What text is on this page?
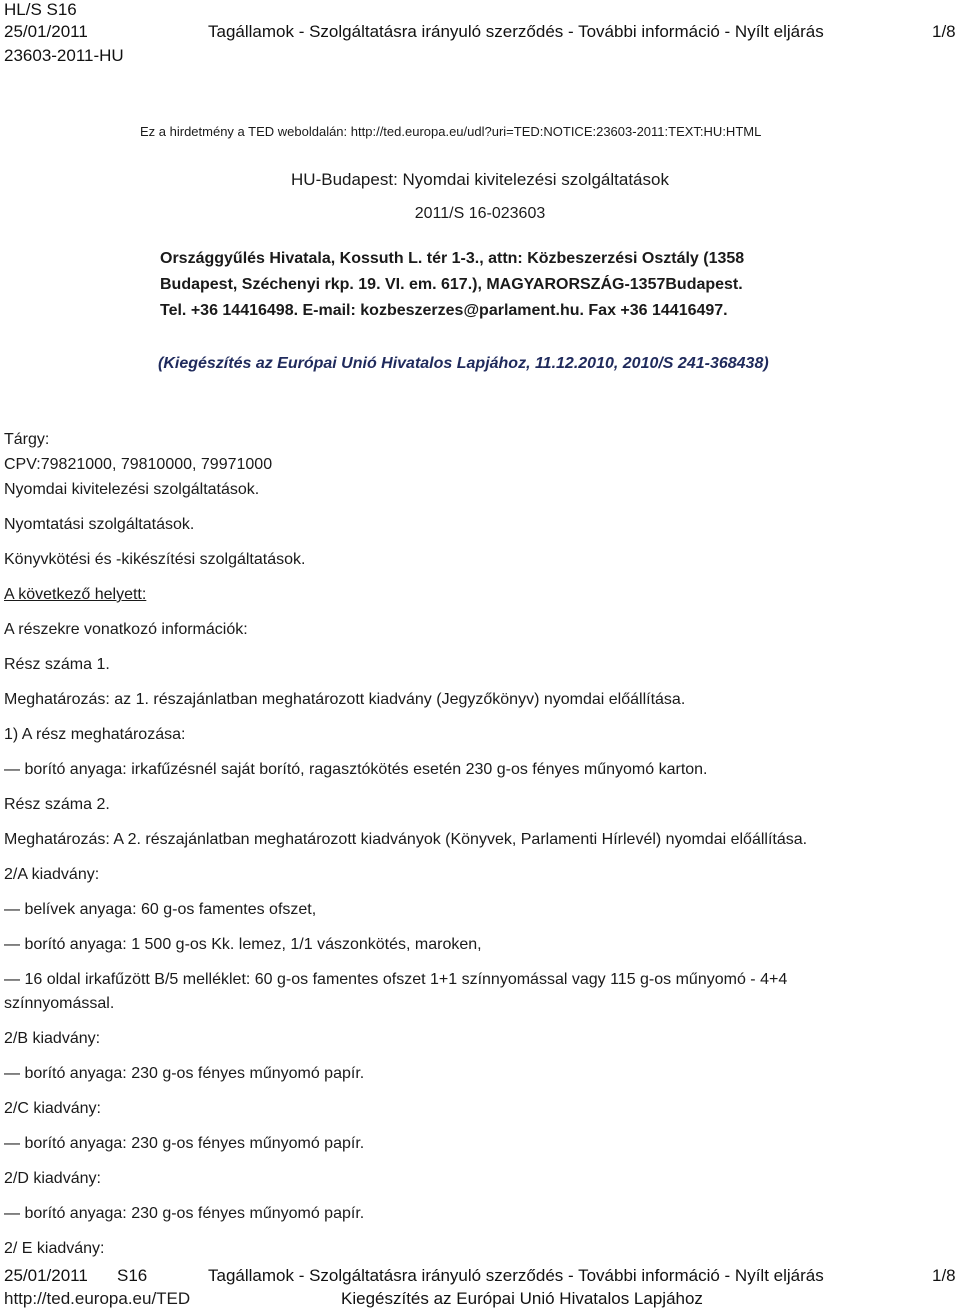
HL/S S16
25/01/2011
23603-2011-HU
Tagállamok - Szolgáltatásra irányuló szerződés - További információ - Nyílt eljárás	1/8
Ez a hirdetmény a TED weboldalán: http://ted.europa.eu/udl?uri=TED:NOTICE:23603-2011:TEXT:HU:HTML
HU-Budapest: Nyomdai kivitelezési szolgáltatások
2011/S 16-023603
Országgyűlés Hivatala, Kossuth L. tér 1-3., attn: Közbeszerzési Osztály (1358
Budapest, Széchenyi rkp. 19. VI. em. 617.), MAGYARORSZÁG-1357Budapest.
Tel. +36 14416498. E-mail: kozbeszerzes@parlament.hu. Fax +36 14416497.
(Kiegészítés az Európai Unió Hivatalos Lapjához, 11.12.2010, 2010/S 241-368438)
Tárgy:
CPV:79821000, 79810000, 79971000
Nyomdai kivitelezési szolgáltatások.
Nyomtatási szolgáltatások.
Könyvkötési és -kikészítési szolgáltatások.
A következő helyett:
A részekre vonatkozó információk:
Rész száma 1.
Meghatározás: az 1. részajánlatban meghatározott kiadvány (Jegyzőkönyv) nyomdai előállítása.
1) A rész meghatározása:
— borító anyaga: irkafűzésnél saját borító, ragasztókötés esetén 230 g-os fényes műnyomó karton.
Rész száma 2.
Meghatározás: A 2. részajánlatban meghatározott kiadványok (Könyvek, Parlamenti Hírlevél) nyomdai előállítása.
2/A kiadvány:
— belívek anyaga: 60 g-os famentes ofszet,
— borító anyaga: 1 500 g-os Kk. lemez, 1/1 vászonkötés, maroken,
— 16 oldal irkafűzött B/5 melléklet: 60 g-os famentes ofszet 1+1 színnyomással vagy 115 g-os műnyomó - 4+4
színnyomással.
2/B kiadvány:
— borító anyaga: 230 g-os fényes műnyomó papír.
2/C kiadvány:
— borító anyaga: 230 g-os fényes műnyomó papír.
2/D kiadvány:
— borító anyaga: 230 g-os fényes műnyomó papír.
2/ E kiadvány:
25/01/2011 S16	Tagállamok - Szolgáltatásra irányuló szerződés - További információ - Nyílt eljárás	1/8
http://ted.europa.eu/TED	Kiegészítés az Európai Unió Hivatalos Lapjához
